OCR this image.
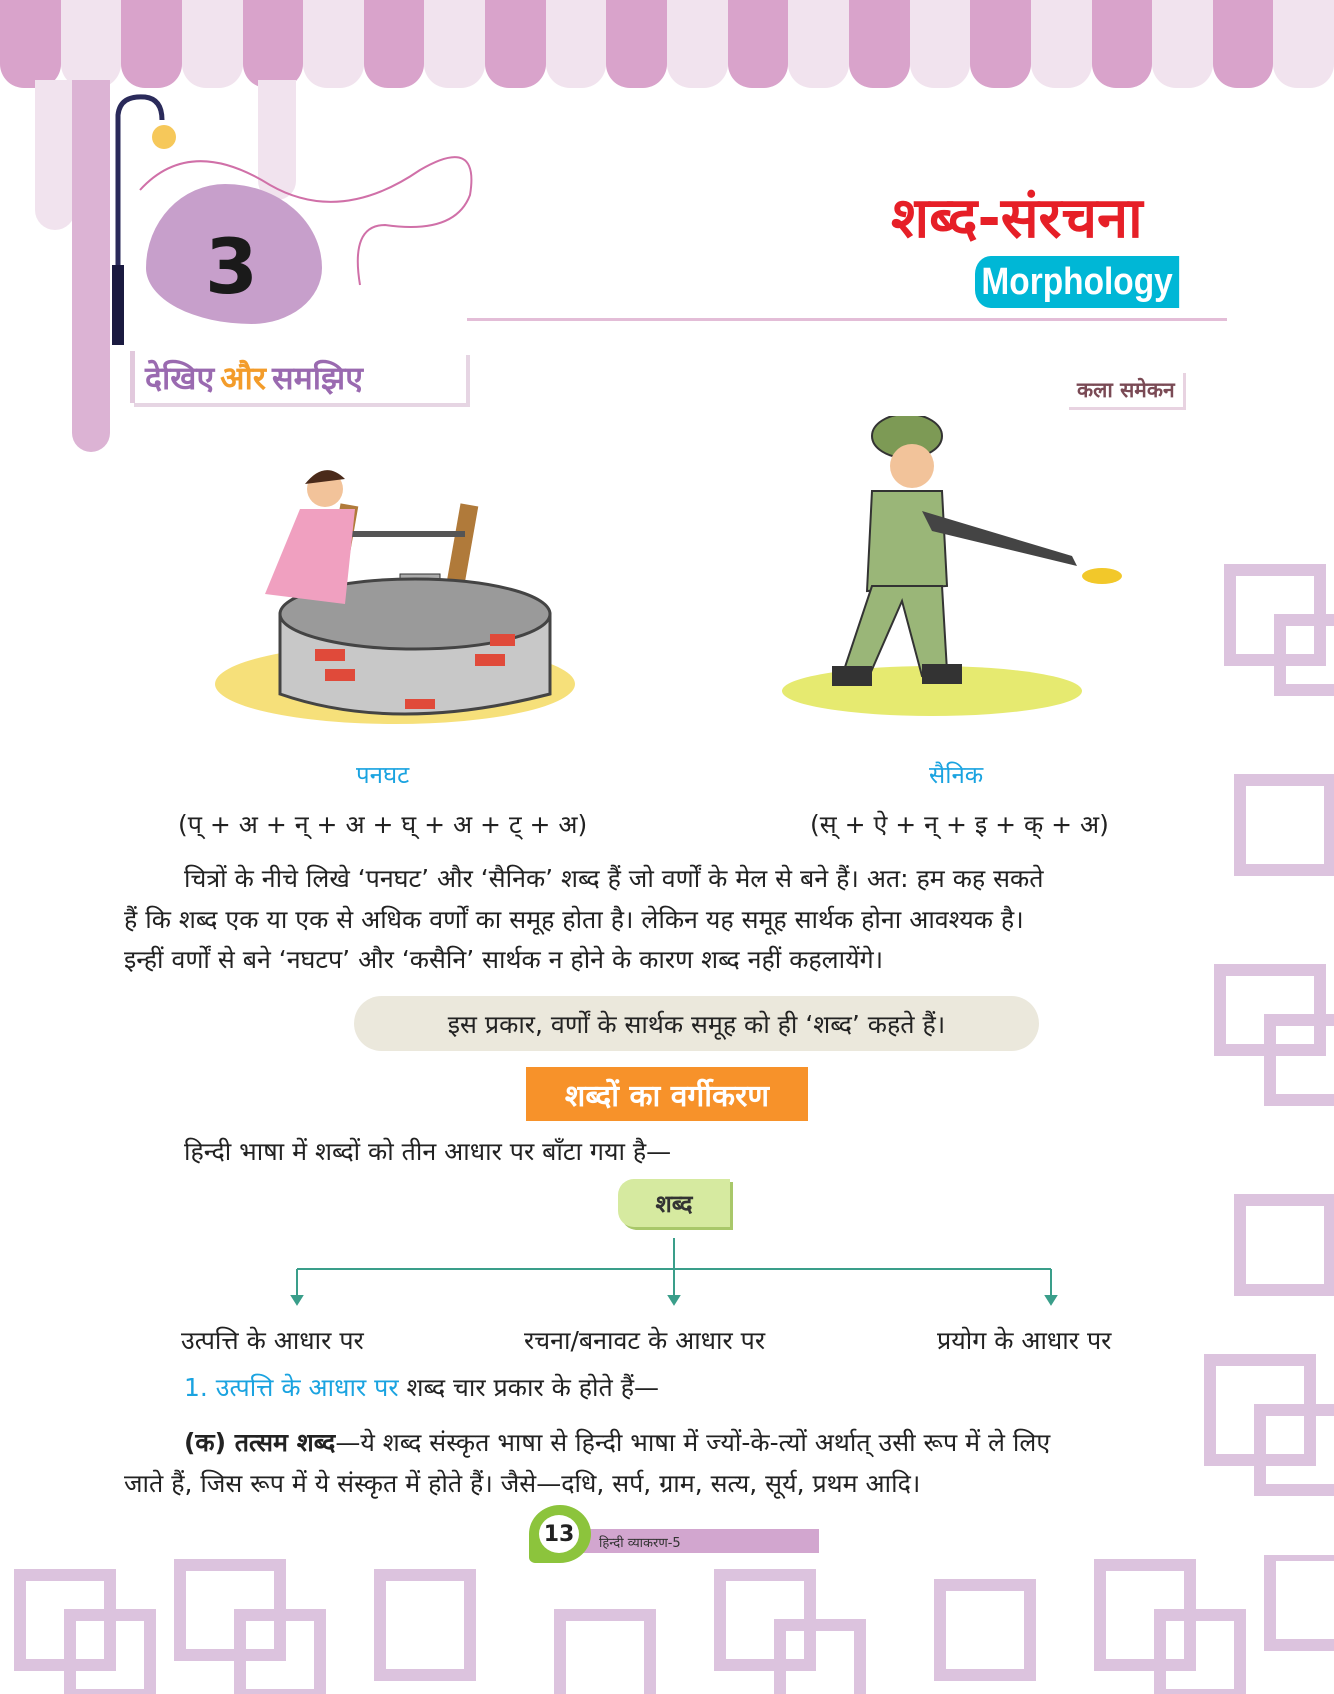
3
शब्द-संरचना
Morphology
देखिए और समझिए	कला समेकन
पनघट	सैनिक
(प् + अ + न् + अ + घ् + अ + ट् + अ)	(स् + ऐ + न् + इ + क् + अ)
चित्रों के नीचे लिखे ‘पनघट’ और ‘सैनिक’ शब्द हैं जो वर्णों के मेल से बने हैं। अत: हम कह सकते
हैं कि शब्द एक या एक से अधिक वर्णों का समूह होता है। लेकिन यह समूह सार्थक होना आवश्यक है।
इन्हीं वर्णों से बने ‘नघटप’ और ‘कसैनि’ सार्थक न होने के कारण शब्द नहीं कहलायेंगे।
इस प्रकार, वर्णों के सार्थक समूह को ही ‘शब्द’ कहते हैं।
शब्दों का वर्गीकरण
हिन्दी भाषा में शब्दों को तीन आधार पर बाँटा गया है—
शब्द
उत्पत्ति के आधार पर	रचना/बनावट के आधार पर	प्रयोग के आधार पर
1. उत्पत्ति के आधार पर शब्द चार प्रकार के होते हैं—
(क) तत्सम शब्द—ये शब्द संस्कृत भाषा से हिन्दी भाषा में ज्यों-के-त्यों अर्थात् उसी रूप में ले लिए
जाते हैं, जिस रूप में ये संस्कृत में होते हैं। जैसे—दधि, सर्प, ग्राम, सत्य, सूर्य, प्रथम आदि।
13	हिन्दी व्याकरण-5
